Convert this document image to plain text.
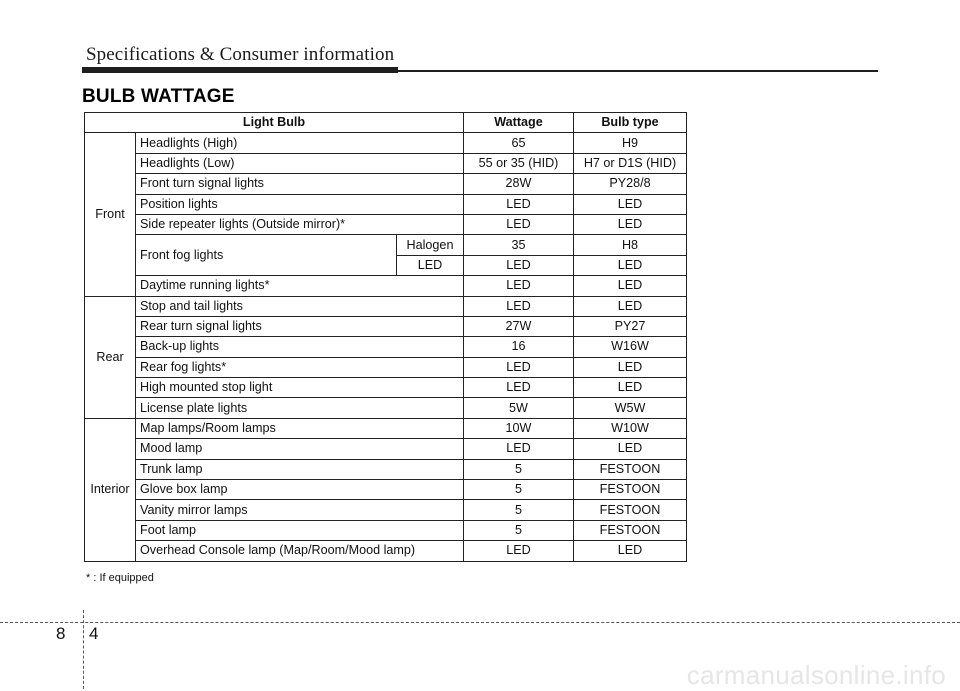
Specifications & Consumer information
BULB WATTAGE
Light Bulb			Wattage	Bulb type
Front	Headlights (High)		65	H9
	Headlights (Low)		55 or 35 (HID)	H7 or D1S (HID)
	Front turn signal lights		28W	PY28/8
	Position lights		LED	LED
	Side repeater lights (Outside mirror)*		LED	LED
	Front fog lights	Halogen	35	H8
		LED	LED	LED
	Daytime running lights*		LED	LED
Rear	Stop and tail lights		LED	LED
	Rear turn signal lights		27W	PY27
	Back-up lights		16	W16W
	Rear fog lights*		LED	LED
	High mounted stop light		LED	LED
	License plate lights		5W	W5W
Interior	Map lamps/Room lamps		10W	W10W
	Mood lamp		LED	LED
	Trunk lamp		5	FESTOON
	Glove box lamp		5	FESTOON
	Vanity mirror lamps		5	FESTOON
	Foot lamp		5	FESTOON
	Overhead Console lamp (Map/Room/Mood lamp)		LED	LED
* : If equipped
8 4
carmanualsonline.info
